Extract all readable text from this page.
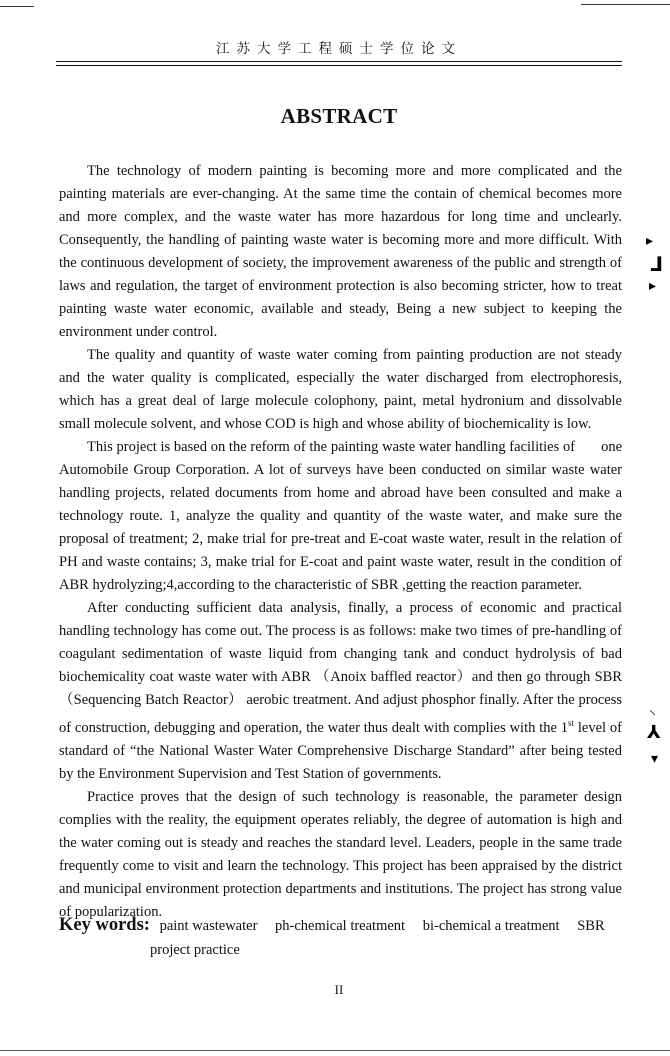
江苏大学工程硕士学位论文
ABSTRACT

The technology of modern painting is becoming more and more complicated and the painting materials are ever-changing. At the same time the contain of chemical becomes more and more complex, and the waste water has more hazardous for long time and unclearly. Consequently, the handling of painting waste water is becoming more and more difficult. With the continuous development of society, the improvement awareness of the public and strength of laws and regulation, the target of environment protection is also becoming stricter, how to treat painting waste water economic, available and steady, Being a new subject to keeping the environment under control.

The quality and quantity of waste water coming from painting production are not steady and the water quality is complicated, especially the water discharged from electrophoresis, which has a great deal of large molecule colophony, paint, metal hydronium and dissolvable small molecule solvent, and whose COD is high and whose ability of biochemicality is low.

This project is based on the reform of the painting waste water handling facilities of one Automobile Group Corporation. A lot of surveys have been conducted on similar waste water handling projects, related documents from home and abroad have been consulted and make a technology route. 1, analyze the quality and quantity of the waste water, and make sure the proposal of treatment; 2, make trial for pre-treat and E-coat waste water, result in the relation of PH and waste contains; 3, make trial for E-coat and paint waste water, result in the condition of ABR hydrolyzing;4,according to the characteristic of SBR ,getting the reaction parameter.

After conducting sufficient data analysis, finally, a process of economic and practical handling technology has come out. The process is as follows: make two times of pre-handling of coagulant sedimentation of waste liquid from changing tank and conduct hydrolysis of bad biochemicality coat waste water with ABR （Anoix baffled reactor）and then go through SBR（Sequencing Batch Reactor） aerobic treatment. And adjust phosphor finally. After the process of construction, debugging and operation, the water thus dealt with complies with the 1st level of standard of “the National Waster Water Comprehensive Discharge Standard” after being tested by the Environment Supervision and Test Station of governments.

Practice proves that the design of such technology is reasonable, the parameter design complies with the reality, the equipment operates reliably, the degree of automation is high and the water coming out is steady and reaches the standard level. Leaders, people in the same trade frequently come to visit and learn the technology. This project has been appraised by the district and municipal environment protection departments and institutions. The project has strong value of popularization.

Key words: paint wastewater ph-chemical treatment bi-chemical a treatment SBR
project practice
II
▸
⅃
▸
⸌
⅄
▾
